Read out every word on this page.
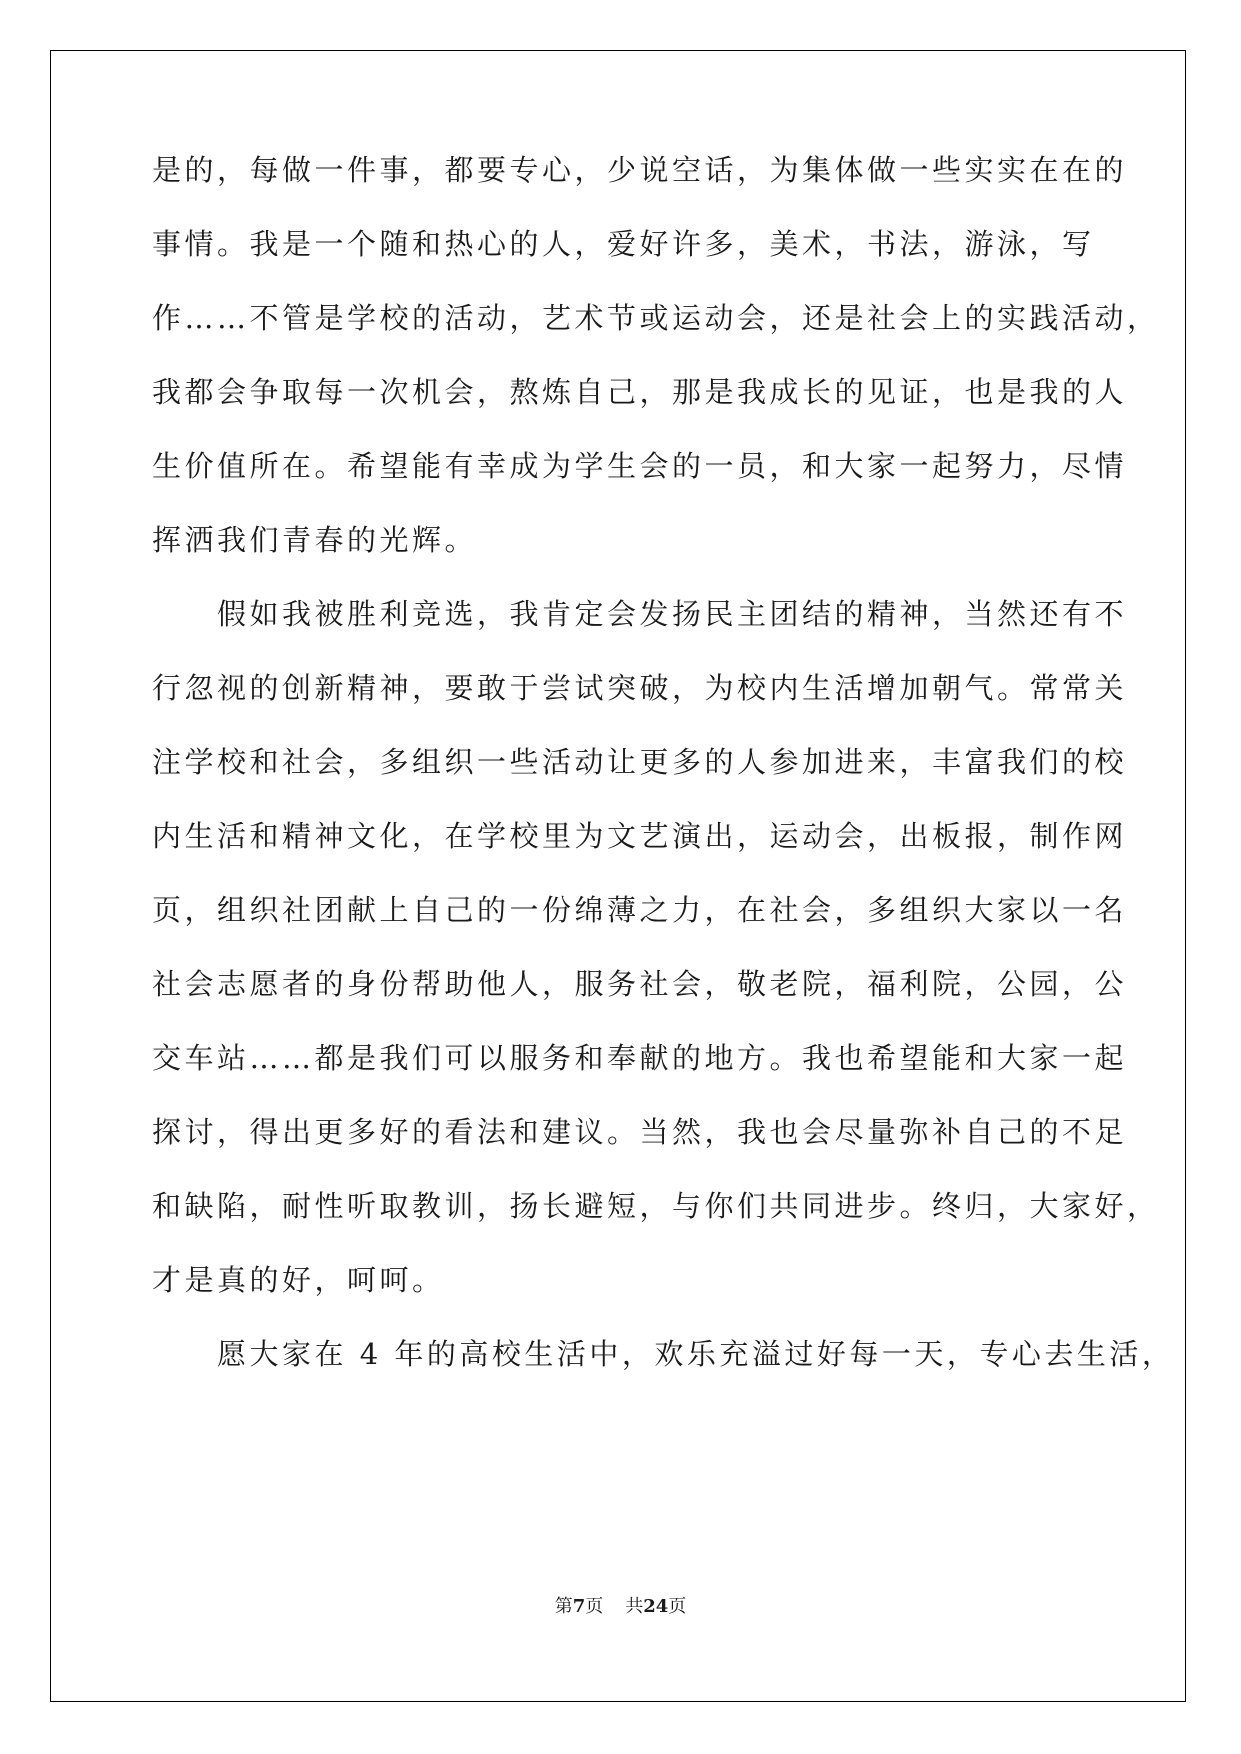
是的，每做一件事，都要专心，少说空话，为集体做一些实实在在的
事情。我是一个随和热心的人，爱好许多，美术，书法，游泳，写
作……不管是学校的活动，艺术节或运动会，还是社会上的实践活动，
我都会争取每一次机会，熬炼自己，那是我成长的见证，也是我的人
生价值所在。希望能有幸成为学生会的一员，和大家一起努力，尽情
挥洒我们青春的光辉。
　　假如我被胜利竞选，我肯定会发扬民主团结的精神，当然还有不
行忽视的创新精神，要敢于尝试突破，为校内生活增加朝气。常常关
注学校和社会，多组织一些活动让更多的人参加进来，丰富我们的校
内生活和精神文化，在学校里为文艺演出，运动会，出板报，制作网
页，组织社团献上自己的一份绵薄之力，在社会，多组织大家以一名
社会志愿者的身份帮助他人，服务社会，敬老院，福利院，公园，公
交车站……都是我们可以服务和奉献的地方。我也希望能和大家一起
探讨，得出更多好的看法和建议。当然，我也会尽量弥补自己的不足
和缺陷，耐性听取教训，扬长避短，与你们共同进步。终归，大家好，
才是真的好，呵呵。
　　愿大家在 4 年的高校生活中，欢乐充溢过好每一天，专心去生活，
第7页 共24页
